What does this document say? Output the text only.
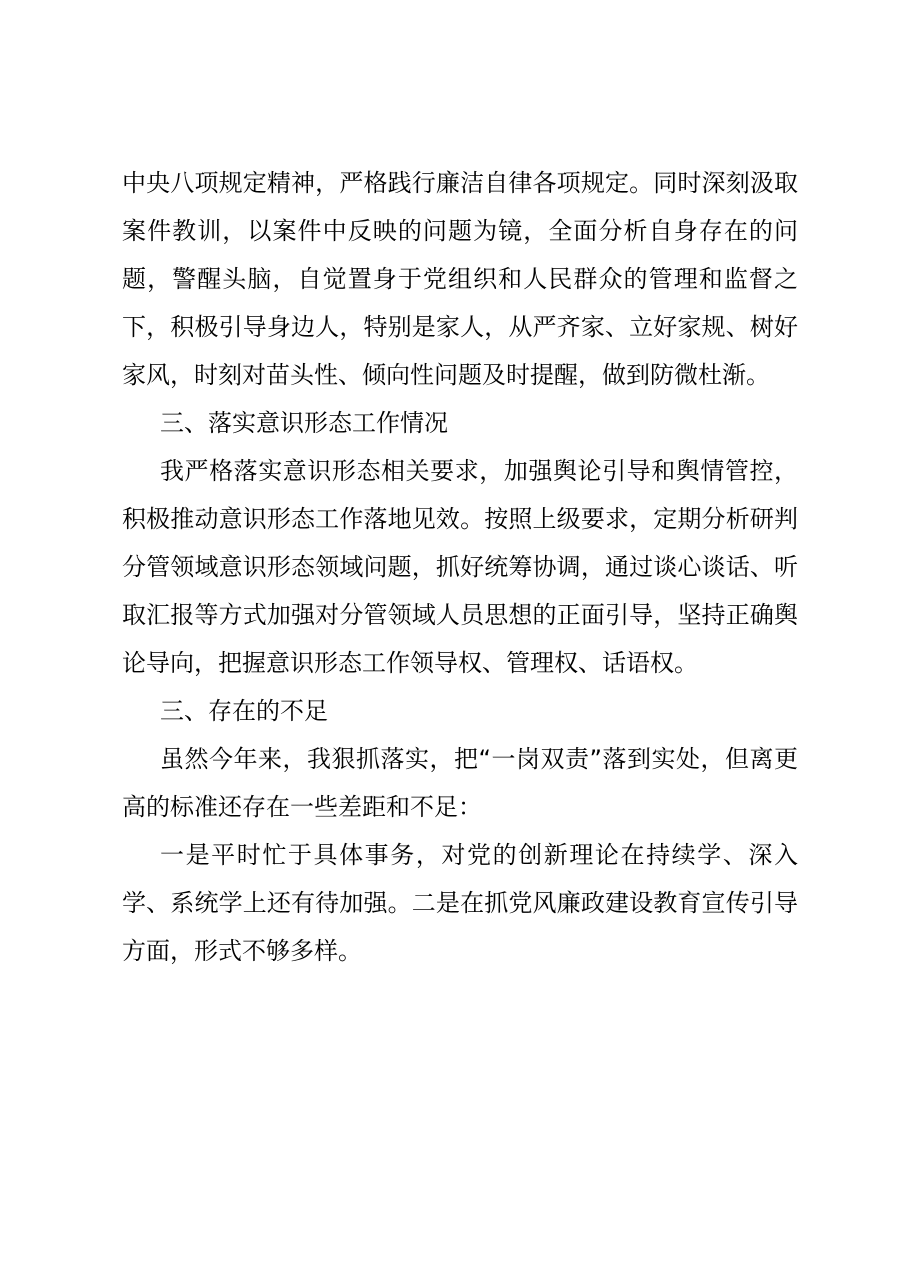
中央八项规定精神，严格践行廉洁自律各项规定。同时深刻汲取案件教训，以案件中反映的问题为镜，全面分析自身存在的问题，警醒头脑，自觉置身于党组织和人民群众的管理和监督之下，积极引导身边人，特别是家人，从严齐家、立好家规、树好家风，时刻对苗头性、倾向性问题及时提醒，做到防微杜渐。

三、落实意识形态工作情况

我严格落实意识形态相关要求，加强舆论引导和舆情管控，积极推动意识形态工作落地见效。按照上级要求，定期分析研判分管领域意识形态领域问题，抓好统筹协调，通过谈心谈话、听取汇报等方式加强对分管领域人员思想的正面引导，坚持正确舆论导向，把握意识形态工作领导权、管理权、话语权。

三、存在的不足

虽然今年来，我狠抓落实，把“一岗双责”落到实处，但离更高的标准还存在一些差距和不足：

一是平时忙于具体事务，对党的创新理论在持续学、深入学、系统学上还有待加强。二是在抓党风廉政建设教育宣传引导方面，形式不够多样。
